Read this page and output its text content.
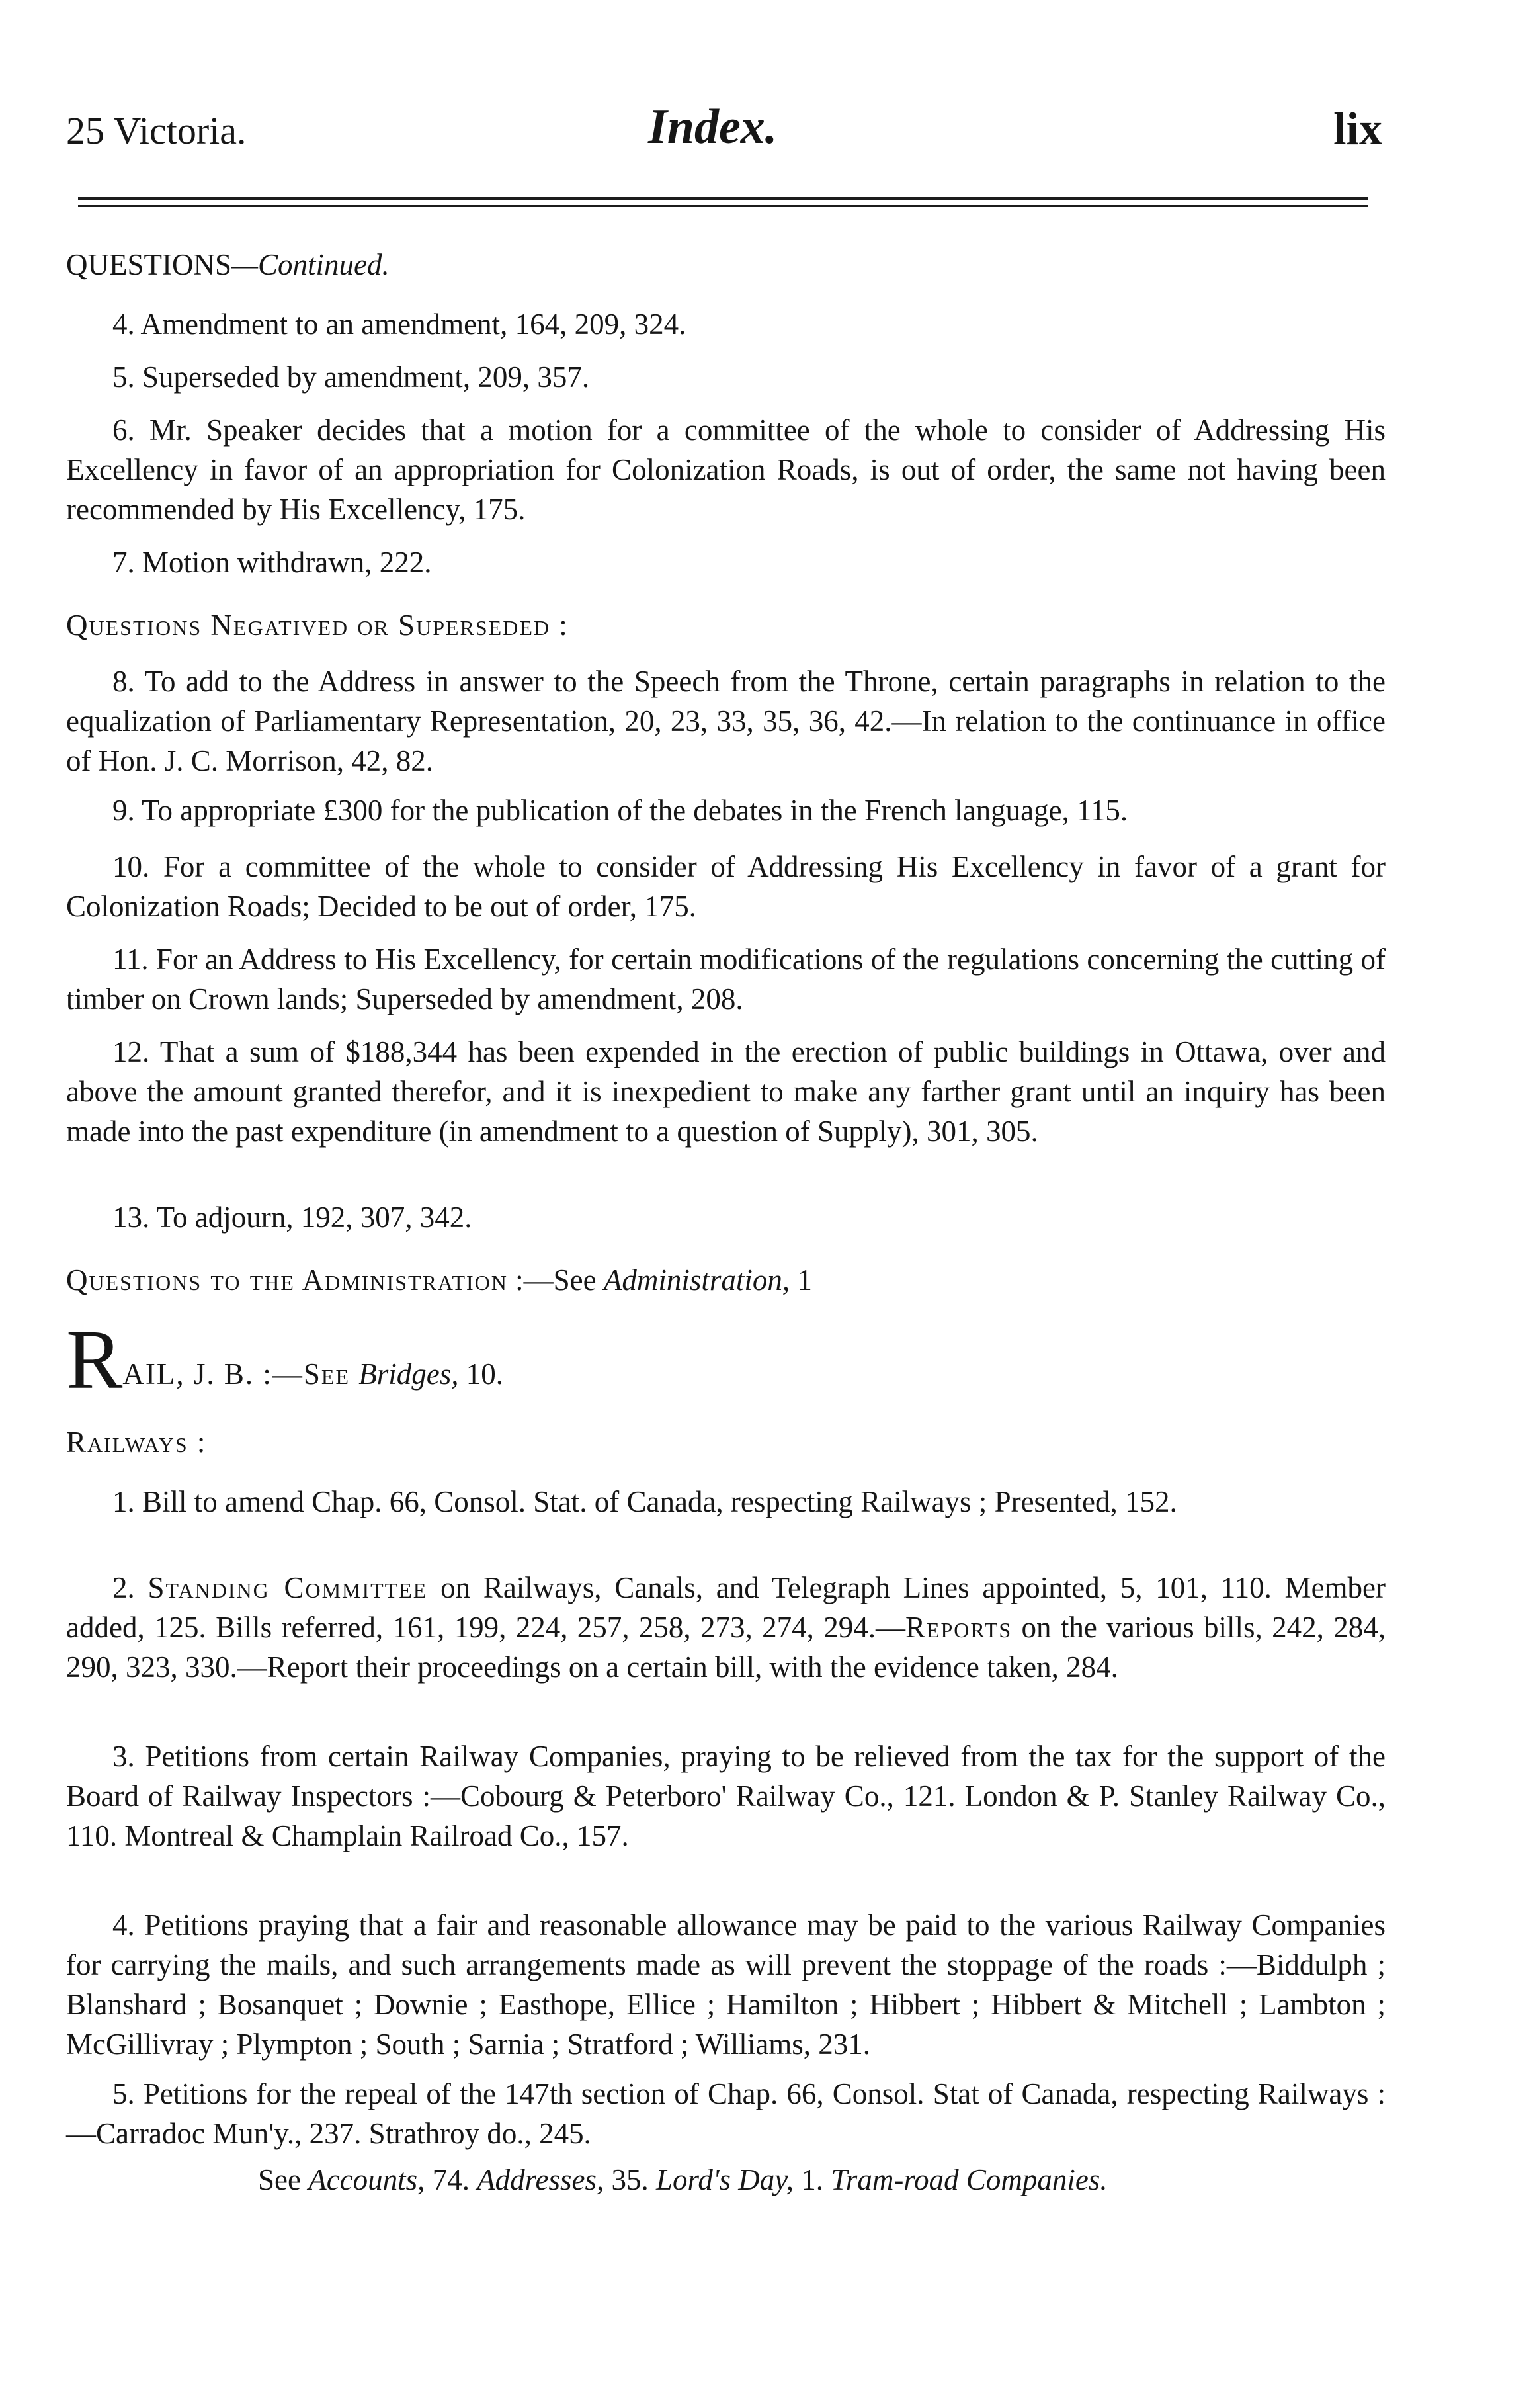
25 Victoria.	Index.	lix
QUESTIONS—Continued.
4. Amendment to an amendment, 164, 209, 324.
5. Superseded by amendment, 209, 357.
6. Mr. Speaker decides that a motion for a committee of the whole to consider of Addressing His Excellency in favor of an appropriation for Colonization Roads, is out of order, the same not having been recommended by His Excellency, 175.
7. Motion withdrawn, 222.
Questions Negatived or Superseded :
8. To add to the Address in answer to the Speech from the Throne, certain paragraphs in relation to the equalization of Parliamentary Representation, 20, 23, 33, 35, 36, 42.—In relation to the continuance in office of Hon. J. C. Morrison, 42, 82.
9. To appropriate £300 for the publication of the debates in the French language, 115.
10. For a committee of the whole to consider of Addressing His Excellency in favor of a grant for Colonization Roads; Decided to be out of order, 175.
11. For an Address to His Excellency, for certain modifications of the regulations concerning the cutting of timber on Crown lands; Superseded by amendment, 208.
12. That a sum of $188,344 has been expended in the erection of public buildings in Ottawa, over and above the amount granted therefor, and it is inexpedient to make any farther grant until an inquiry has been made into the past expenditure (in amendment to a question of Supply), 301, 305.
13. To adjourn, 192, 307, 342.
Questions to the Administration :—See Administration, 1
RAIL, J. B. :—See Bridges, 10.
Railways :
1. Bill to amend Chap. 66, Consol. Stat. of Canada, respecting Railways ; Presented, 152.
2. Standing Committee on Railways, Canals, and Telegraph Lines appointed, 5, 101, 110. Member added, 125. Bills referred, 161, 199, 224, 257, 258, 273, 274, 294.—Reports on the various bills, 242, 284, 290, 323, 330.—Report their proceedings on a certain bill, with the evidence taken, 284.
3. Petitions from certain Railway Companies, praying to be relieved from the tax for the support of the Board of Railway Inspectors :—Cobourg & Peterboro' Railway Co., 121. London & P. Stanley Railway Co., 110. Montreal & Champlain Railroad Co., 157.
4. Petitions praying that a fair and reasonable allowance may be paid to the various Railway Companies for carrying the mails, and such arrangements made as will prevent the stoppage of the roads :—Biddulph ; Blanshard ; Bosanquet ; Downie ; Easthope, Ellice ; Hamilton ; Hibbert ; Hibbert & Mitchell ; Lambton ; McGillivray ; Plympton ; South ; Sarnia ; Stratford ; Williams, 231.
5. Petitions for the repeal of the 147th section of Chap. 66, Consol. Stat of Canada, respecting Railways :—Carradoc Mun'y., 237. Strathroy do., 245.
See Accounts, 74. Addresses, 35. Lord's Day, 1. Tram-road Companies.
